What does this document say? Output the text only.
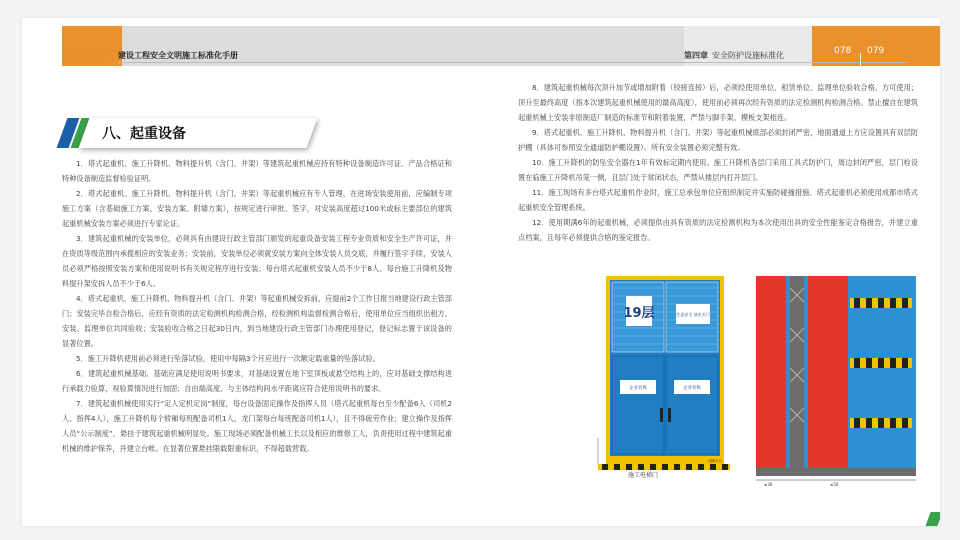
成都市 建设工程安全文明施工标准化手册	第四章 安全防护设施标准化	078 079
八、起重设备

1．塔式起重机、施工升降机、物料提升机（含门、井架）等建筑起重机械应持有特种设备制造许可证、产品合格证和特种设备制造监督检验证明。

2．塔式起重机、施工升降机、物料提升机（含门、井架）等起重机械应有专人管理，在进场安装使用前，应编制专项施工方案（含基础施工方案、安装方案、附墙方案），按规定进行审批、签字，对安装高度超过100米或标主要部位的建筑起重机械安装方案必须进行专家论证。

3．建筑起重机械的安装单位，必须具有由建设行政主管部门颁发的起重设备安装工程专业资质和安全生产许可证，并在资质等级范围内承揽相应的安装业务；安装前，安装单位必须就安装方案向全体安装人员交底，并履行签字手续，安装人员必须严格按照安装方案和使用说明书有关规定程序进行安装；每台塔式起重机安装人员不少于8人、每台施工升降机及物料提升架安拆人员不少于6人。

4．塔式起重机、施工升降机、物料提升机（含门、井架）等起重机械安拆前，应提前2个工作日报当地建设行政主管部门；安装完毕自检合格后，应经有资质的法定检测机构检测合格，经检测机构监督检测合格后，使用单位应当组织出租方、安装、监理单位共同验收；安装验收合格之日起30日内，到当地建设行政主管部门办理使用登记，登记标志置于该设备的显著位置。

5．施工升降机使用前必须进行坠落试验，使用中每隔3个月应进行一次额定载重量的坠落试验。

6．建筑起重机械基础、基础应满足使用说明书要求，对基础设置在地下室顶板或悬空结构上的，应对基础支撑结构进行承载力验算，视验算情况进行加固；自由端高度、与主体结构间水平距离应符合使用说明书的要求。

7．建筑起重机械使用实行“定人定机定岗”制度，每台设备固定操作及指挥人员（塔式起重机每台至少配备6人（司机2人、指挥4人），施工升降机每个轿厢每班配备司机1人，龙门架每台每班配备司机1人），且不得疲劳作业；建立操作及指挥人员“公示制度”，悬挂于建筑起重机械明显处。施工现场必须配备机械工长以及相应的维修工人，负责使用过程中建筑起重机械的维护保养，并建立台帐。在显著位置悬挂限载限重标识，不得超载营载。

8．建筑起重机械每次顶升加节或增加附着（铰接连接）后，必须经使用单位、租赁单位、监理单位验收合格，方可使用；顶升至最终高度（指本次建筑起重机械使用的最高高度），使用前必须再次经有资质的法定检测机构检测合格。禁止擅自在建筑起重机械上安装非原制造厂制造的标准节和附着装置，严禁与脚手架、模板支架相连。

9．塔式起重机、施工升降机、物料提升机（含门、井架）等起重机械底部必须封闭严密，地面通道上方应设置具有双层防护棚（具体可参照安全通道防护棚设置）。所有安全装置必须完整有效。

10．施工升降机的防坠安全器在1年有效标定期内使用。施工升降机各层门采用工具式防护门，周边封闭严密，层门栓设置在临施工升降机吊笼一侧，且层门处于常闭状态，严禁从楼层内打开层门。

11．施工现场有多台塔式起重机作业时，施工总承包单位应组织制定并实施防碰撞措施。塔式起重机必须使用成都市塔式起重机安全管理系统。

12．使用期满6年的起重机械，必须提供由具有资质的法定检测机构为本次使用出具的安全性能鉴定合格报告，并建立重点档案，且每年必须提供合格的鉴定报告。

19层	注意安全 请出关门
企业名称	企业名称
挡脚平台
施工电梯门
≤30	≤50
